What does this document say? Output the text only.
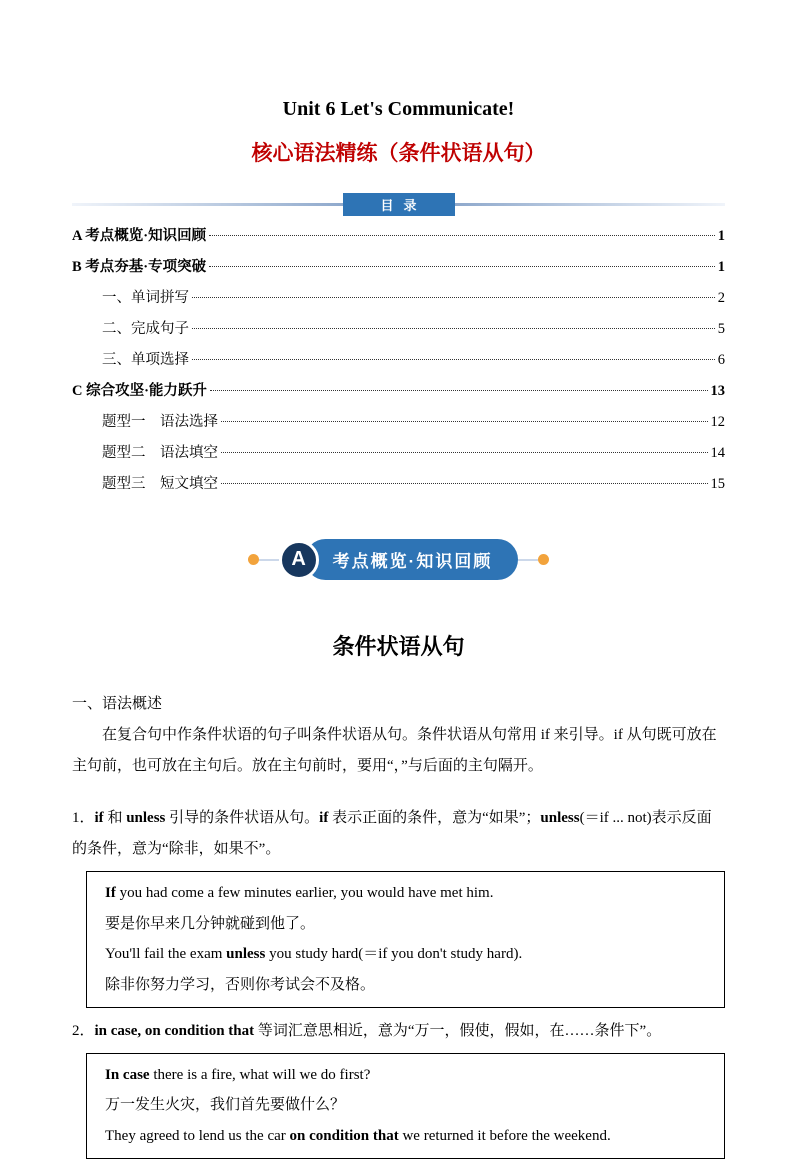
Unit 6 Let's Communicate!
核心语法精练（条件状语从句）
目录
A 考点概览·知识回顾	1
B 考点夯基·专项突破	1
一、单词拼写	2
二、完成句子	5
三、单项选择	6
C 综合攻坚·能力跃升	13
题型一　语法选择	12
题型二　语法填空	14
题型三　短文填空	15
A	考点概览·知识回顾
条件状语从句

一、语法概述

在复合句中作条件状语的句子叫条件状语从句。条件状语从句常用 if 来引导。if 从句既可放在主句前，也可放在主句后。放在主句前时，要用“，”与后面的主句隔开。

1．if 和 unless 引导的条件状语从句。if 表示正面的条件，意为“如果”；unless(＝if ... not)表示反面的条件，意为“除非，如果不”。

If you had come a few minutes earlier, you would have met him.
要是你早来几分钟就碰到他了。
You'll fail the exam unless you study hard(＝if you don't study hard).
除非你努力学习，否则你考试会不及格。

2．in case, on condition that 等词汇意思相近，意为“万一，假使，假如，在……条件下”。

In case there is a fire, what will we do first?
万一发生火灾，我们首先要做什么？
They agreed to lend us the car on condition that we returned it before the weekend.
